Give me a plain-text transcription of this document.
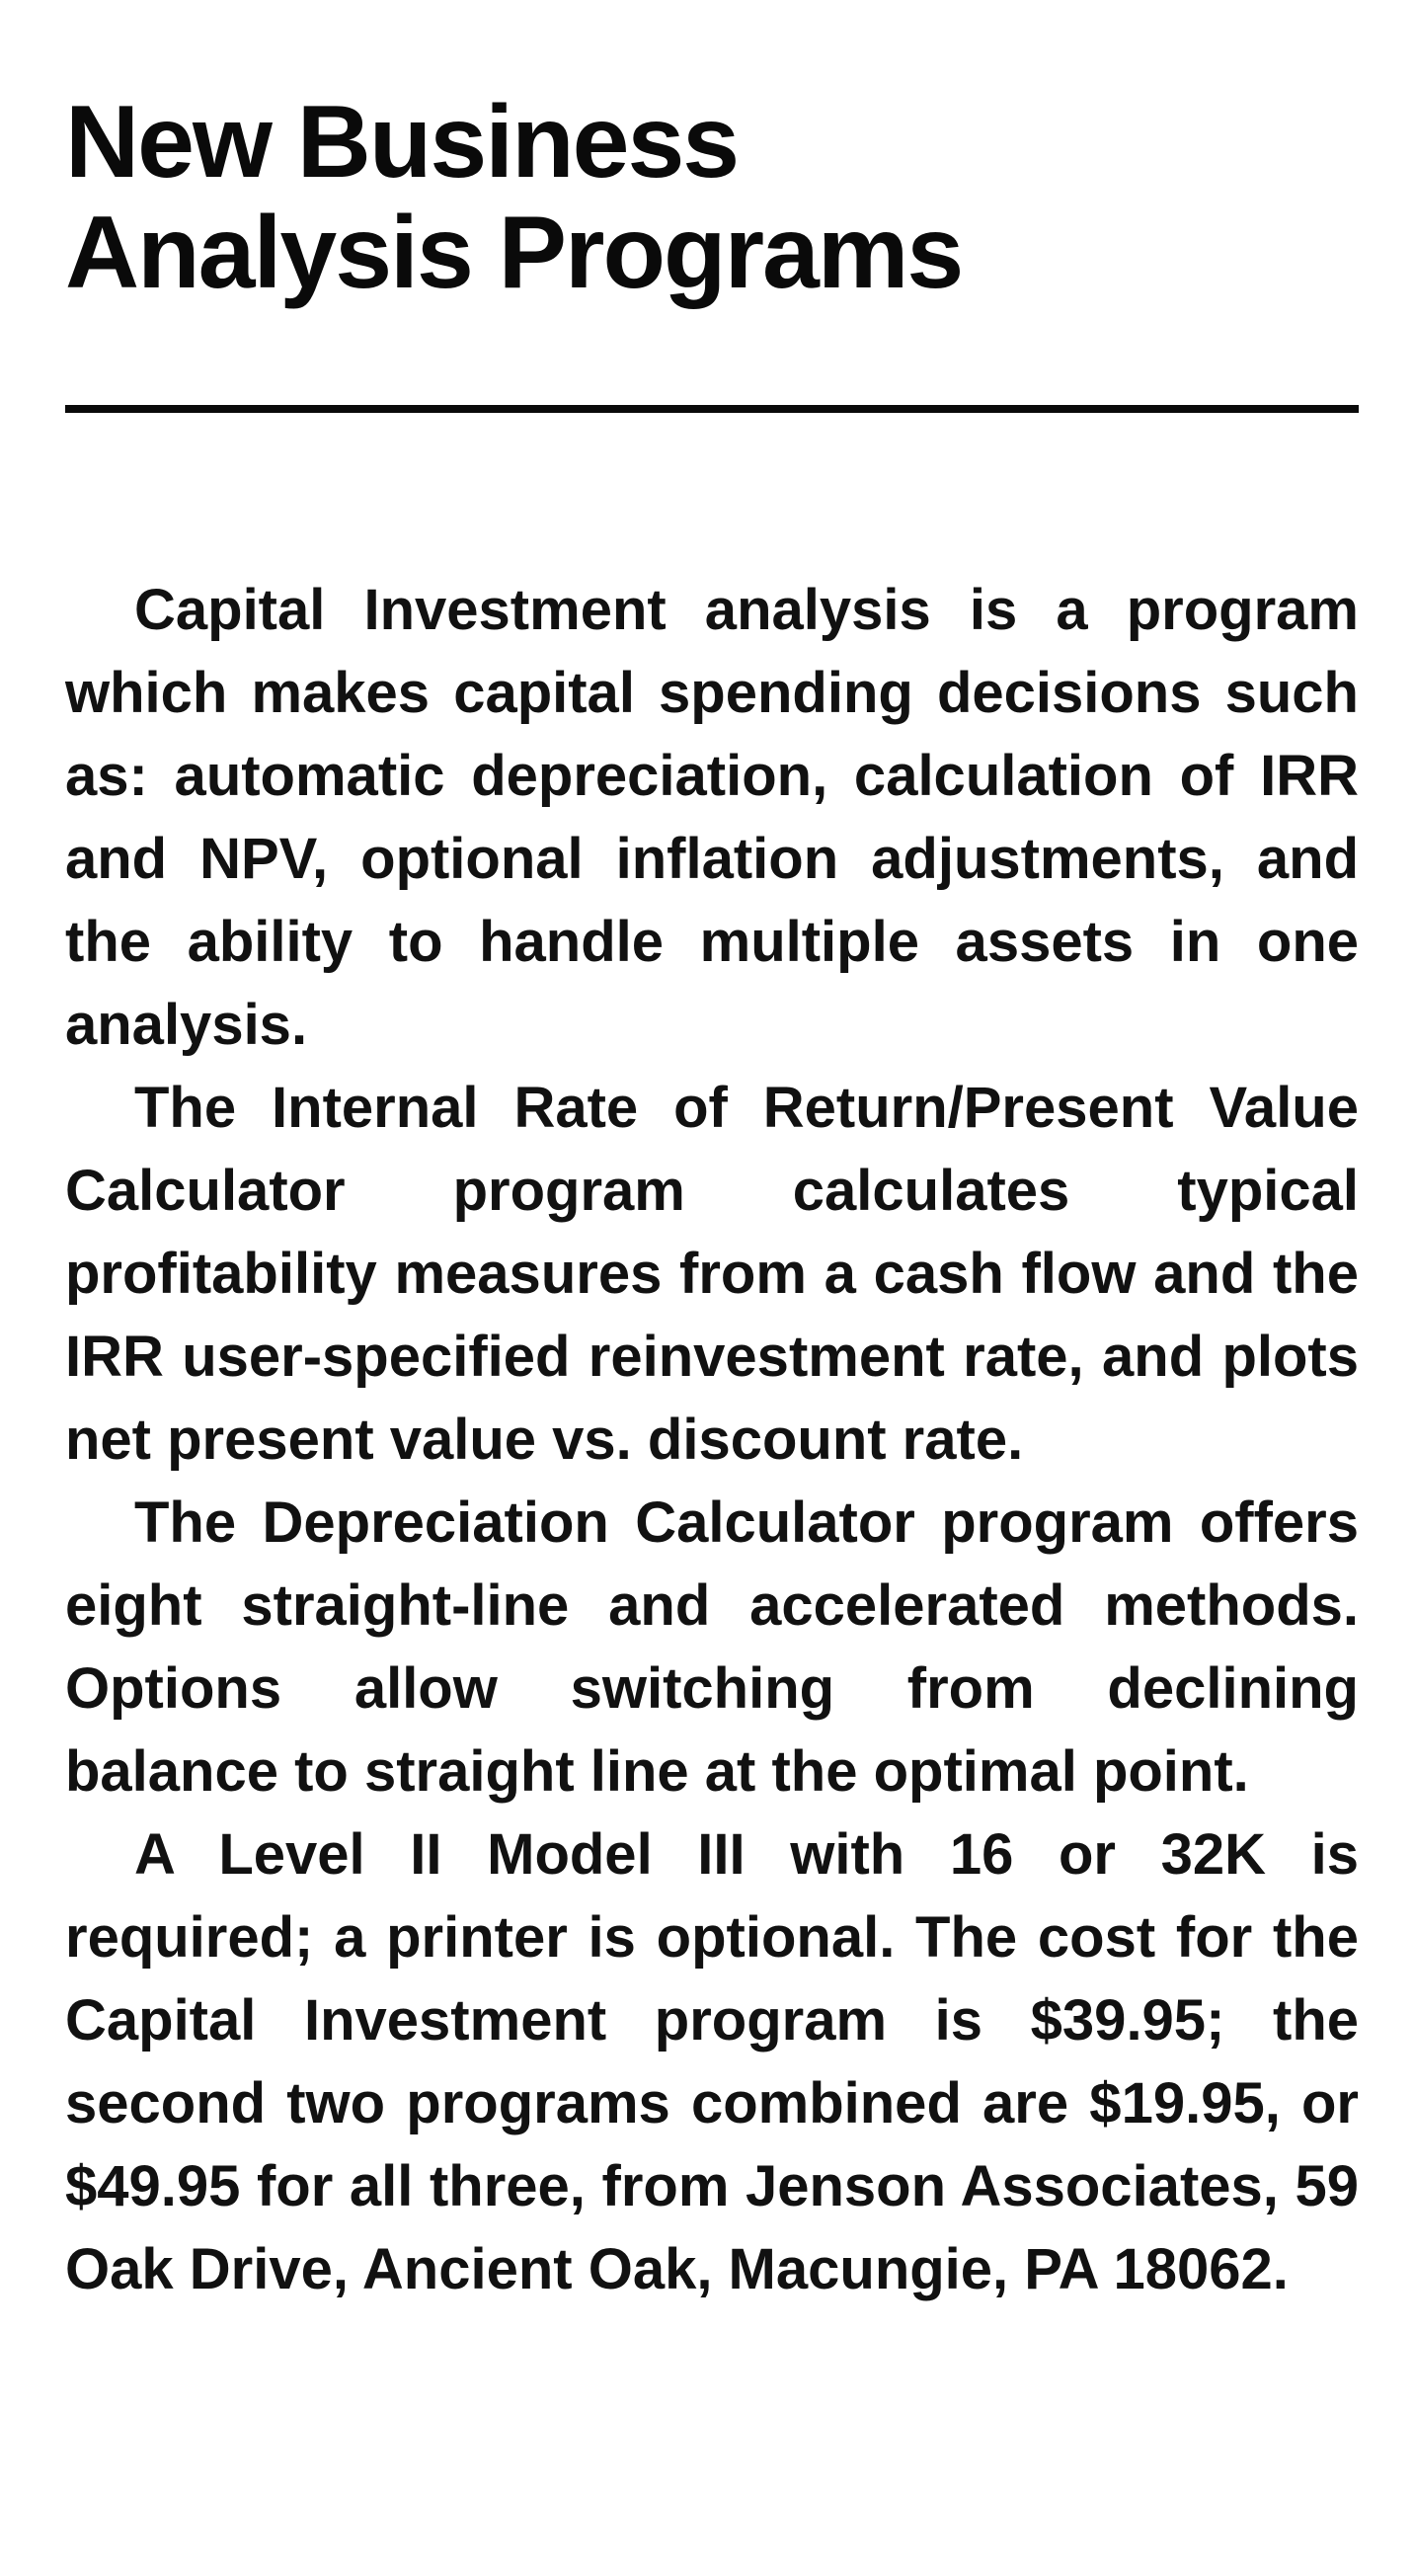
New Business
Analysis Programs

Capital Investment analysis is a program which makes capital spending decisions such as: automatic depreciation, calculation of IRR and NPV, optional inflation adjustments, and the ability to handle multiple assets in one analysis.

The Internal Rate of Return/Present Value Calculator program calculates typical profitability measures from a cash flow and the IRR user-specified reinvestment rate, and plots net present value vs. discount rate.

The Depreciation Calculator program offers eight straight-line and accelerated methods. Options allow switching from declining balance to straight line at the optimal point.

A Level II Model III with 16 or 32K is required; a printer is optional. The cost for the Capital Investment program is $39.95; the second two programs combined are $19.95, or $49.95 for all three, from Jenson Associates, 59 Oak Drive, Ancient Oak, Macungie, PA 18062.
